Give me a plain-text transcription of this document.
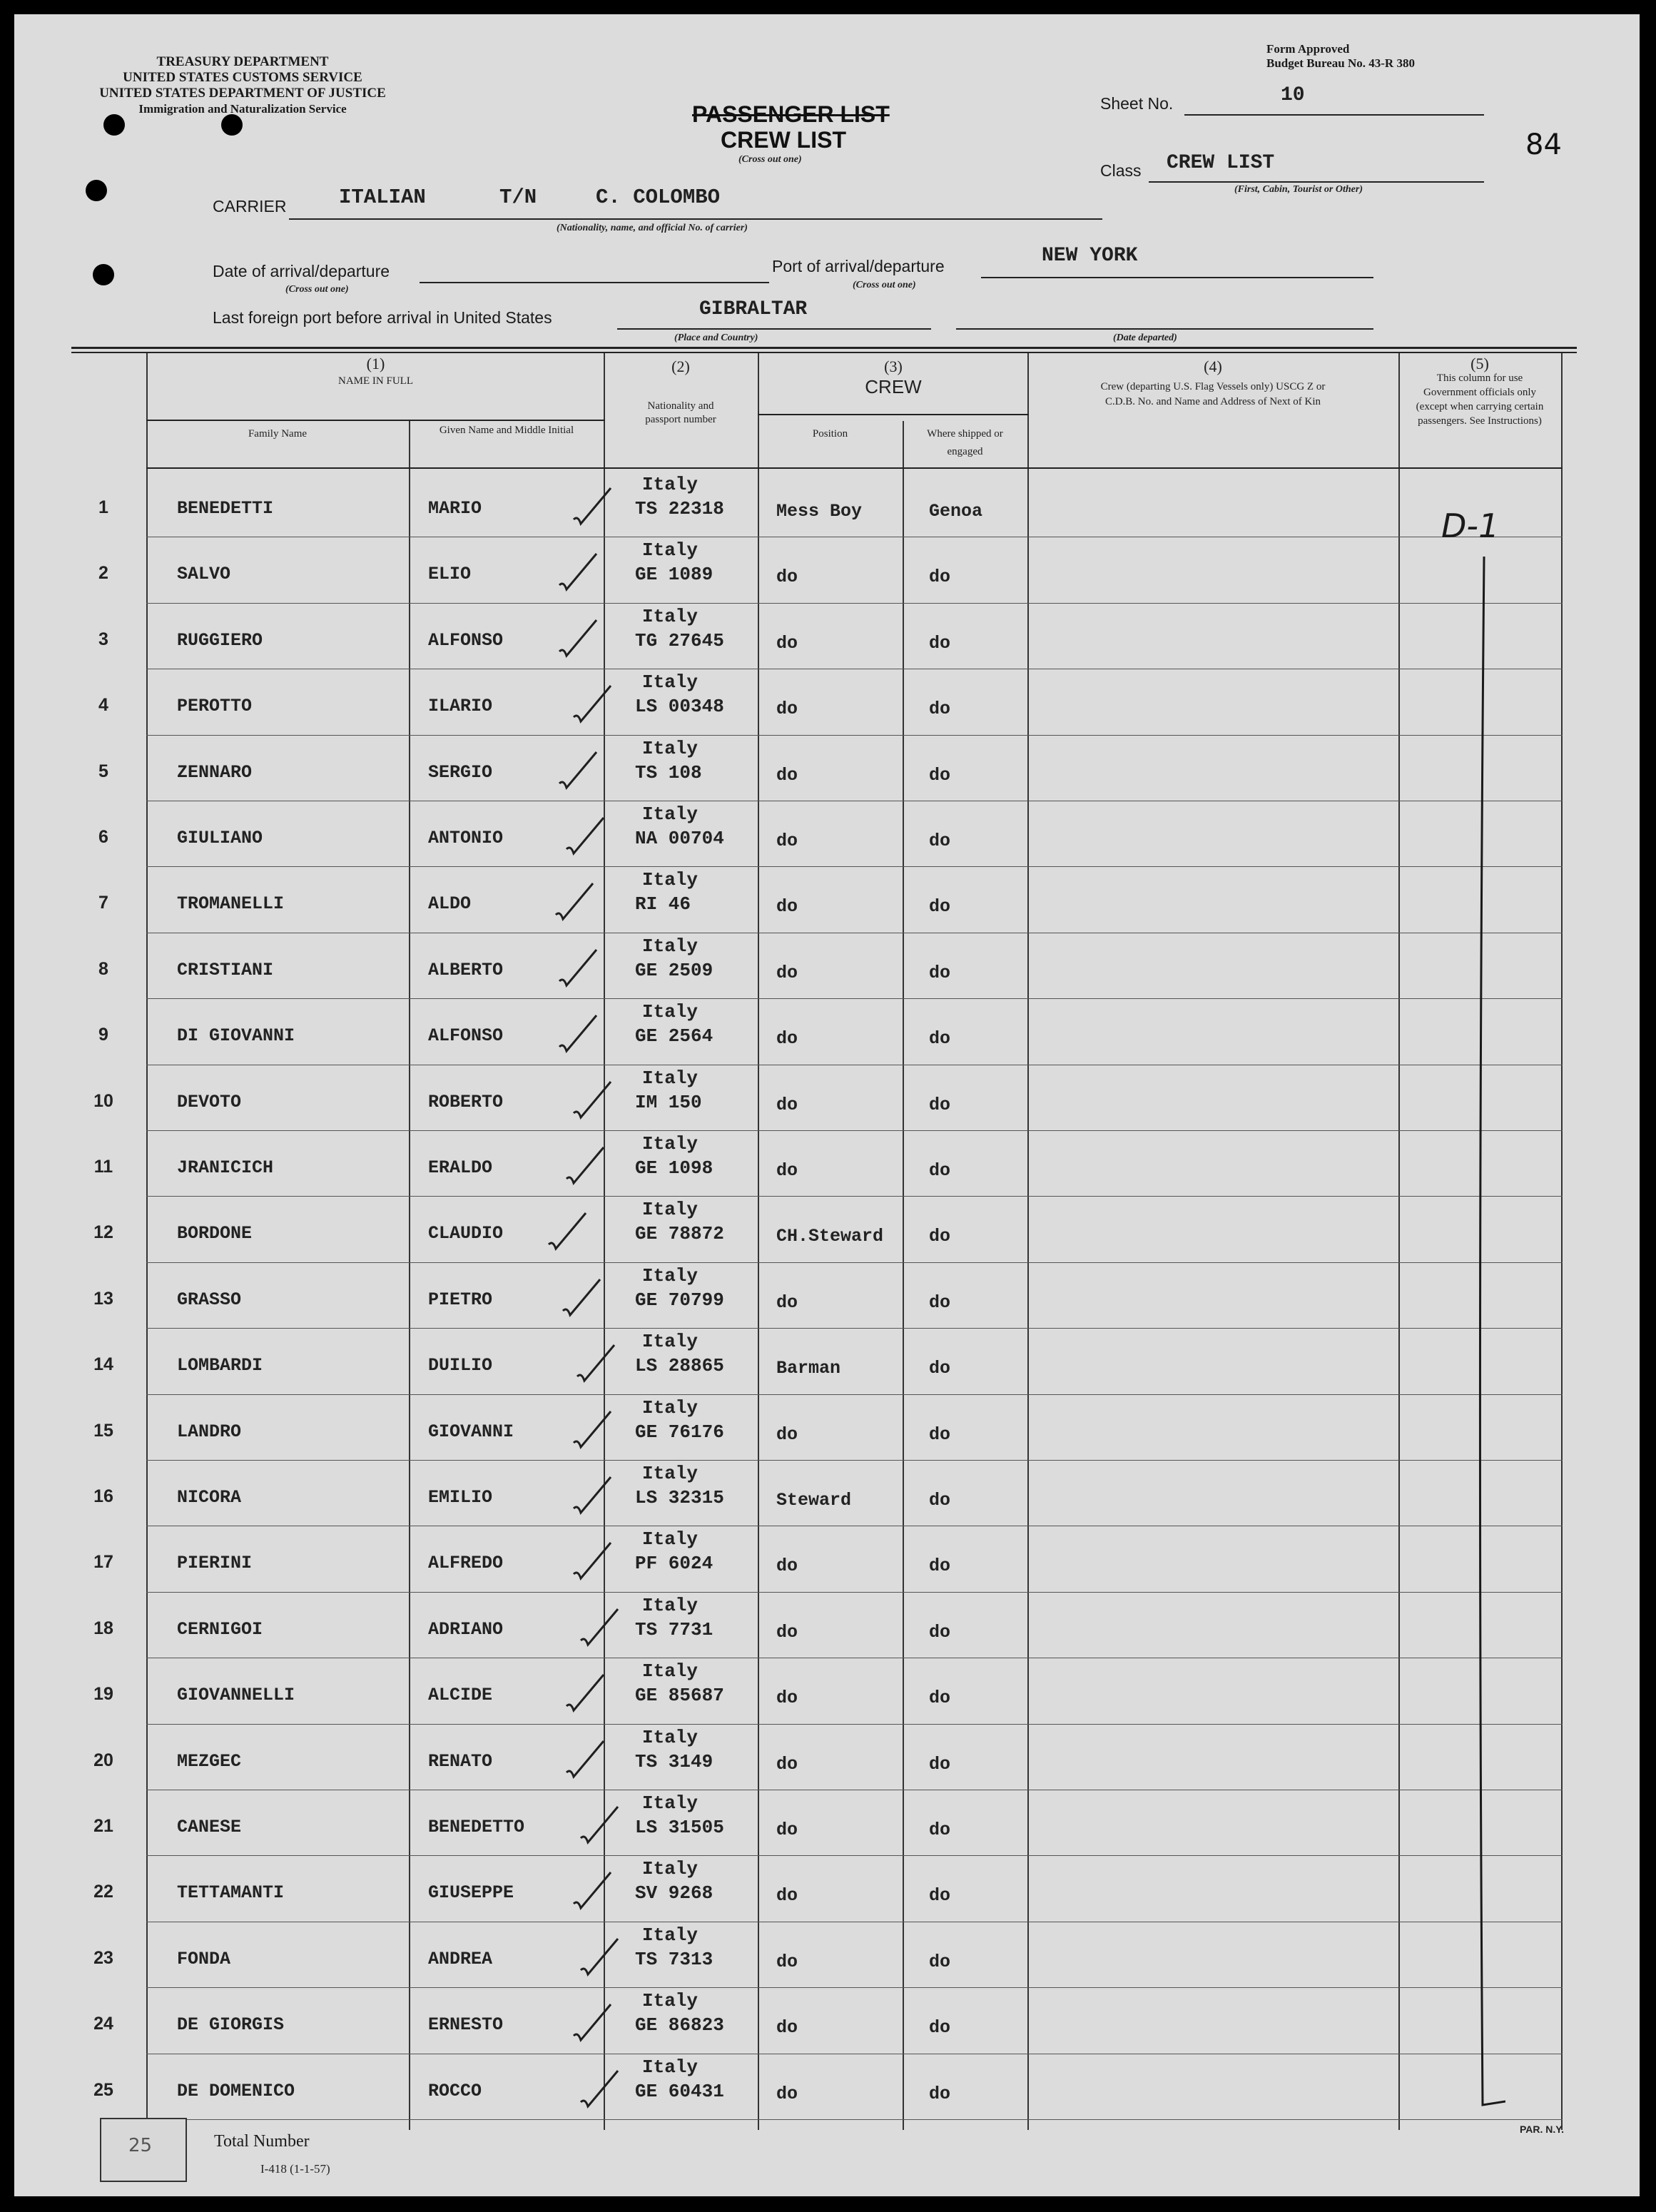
TREASURY DEPARTMENT
UNITED STATES CUSTOMS SERVICE
UNITED STATES DEPARTMENT OF JUSTICE
Immigration and Naturalization Service
Form Approved
Budget Bureau No. 43-R 380
PASSENGER LIST
CREW LIST
(Cross out one)
Sheet No.	10
84
Class CREW LIST
(First, Cabin, Tourist or Other)
CARRIER	ITALIAN	T/N	C. COLOMBO
(Nationality, name, and official No. of carrier)
Date of arrival/departure
(Cross out one)
Port of arrival/departure	NEW YORK
(Cross out one)
Last foreign port before arrival in United States	GIBRALTAR
(Place and Country)	(Date departed)
(1)
NAME IN FULL
Family Name	Given Name and Middle Initial
(2)
Nationality and passport number
(3)
CREW
Position	Where shipped or engaged
(4)
Crew (departing U.S. Flag Vessels only) USCG Z or C.D.B. No. and Name and Address of Next of Kin
(5)
This column for use Government officials only (except when carrying certain passengers. See Instructions)
1	BENEDETTI	MARIO
Italy
TS 22318	Mess Boy	Genoa
2	SALVO	ELIO
Italy
GE 1089	do	do
3	RUGGIERO	ALFONSO
Italy
TG 27645	do	do
4	PEROTTO	ILARIO
Italy
LS 00348	do	do
5	ZENNARO	SERGIO
Italy
TS 108	do	do
6	GIULIANO	ANTONIO
Italy
NA 00704	do	do
7	TROMANELLI	ALDO
Italy
RI 46	do	do
8	CRISTIANI	ALBERTO
Italy
GE 2509	do	do
9	DI GIOVANNI	ALFONSO
Italy
GE 2564	do	do
10	DEVOTO	ROBERTO
Italy
IM 150	do	do
11	JRANICICH	ERALDO
Italy
GE 1098	do	do
12	BORDONE	CLAUDIO
Italy
GE 78872	CH.Steward	do
13	GRASSO	PIETRO
Italy
GE 70799	do	do
14	LOMBARDI	DUILIO
Italy
LS 28865	Barman	do
15	LANDRO	GIOVANNI
Italy
GE 76176	do	do
16	NICORA	EMILIO
Italy
LS 32315	Steward	do
17	PIERINI	ALFREDO
Italy
PF 6024	do	do
18	CERNIGOI	ADRIANO
Italy
TS 7731	do	do
19	GIOVANNELLI	ALCIDE
Italy
GE 85687	do	do
20	MEZGEC	RENATO
Italy
TS 3149	do	do
21	CANESE	BENEDETTO
Italy
LS 31505	do	do
22	TETTAMANTI	GIUSEPPE
Italy
SV 9268	do	do
23	FONDA	ANDREA
Italy
TS 7313	do	do
24	DE GIORGIS	ERNESTO
Italy
GE 86823	do	do
25	DE DOMENICO	ROCCO
Italy
GE 60431	do	do
D-1
25	Total Number
I-418 (1-1-57)
PAR. N.Y.
